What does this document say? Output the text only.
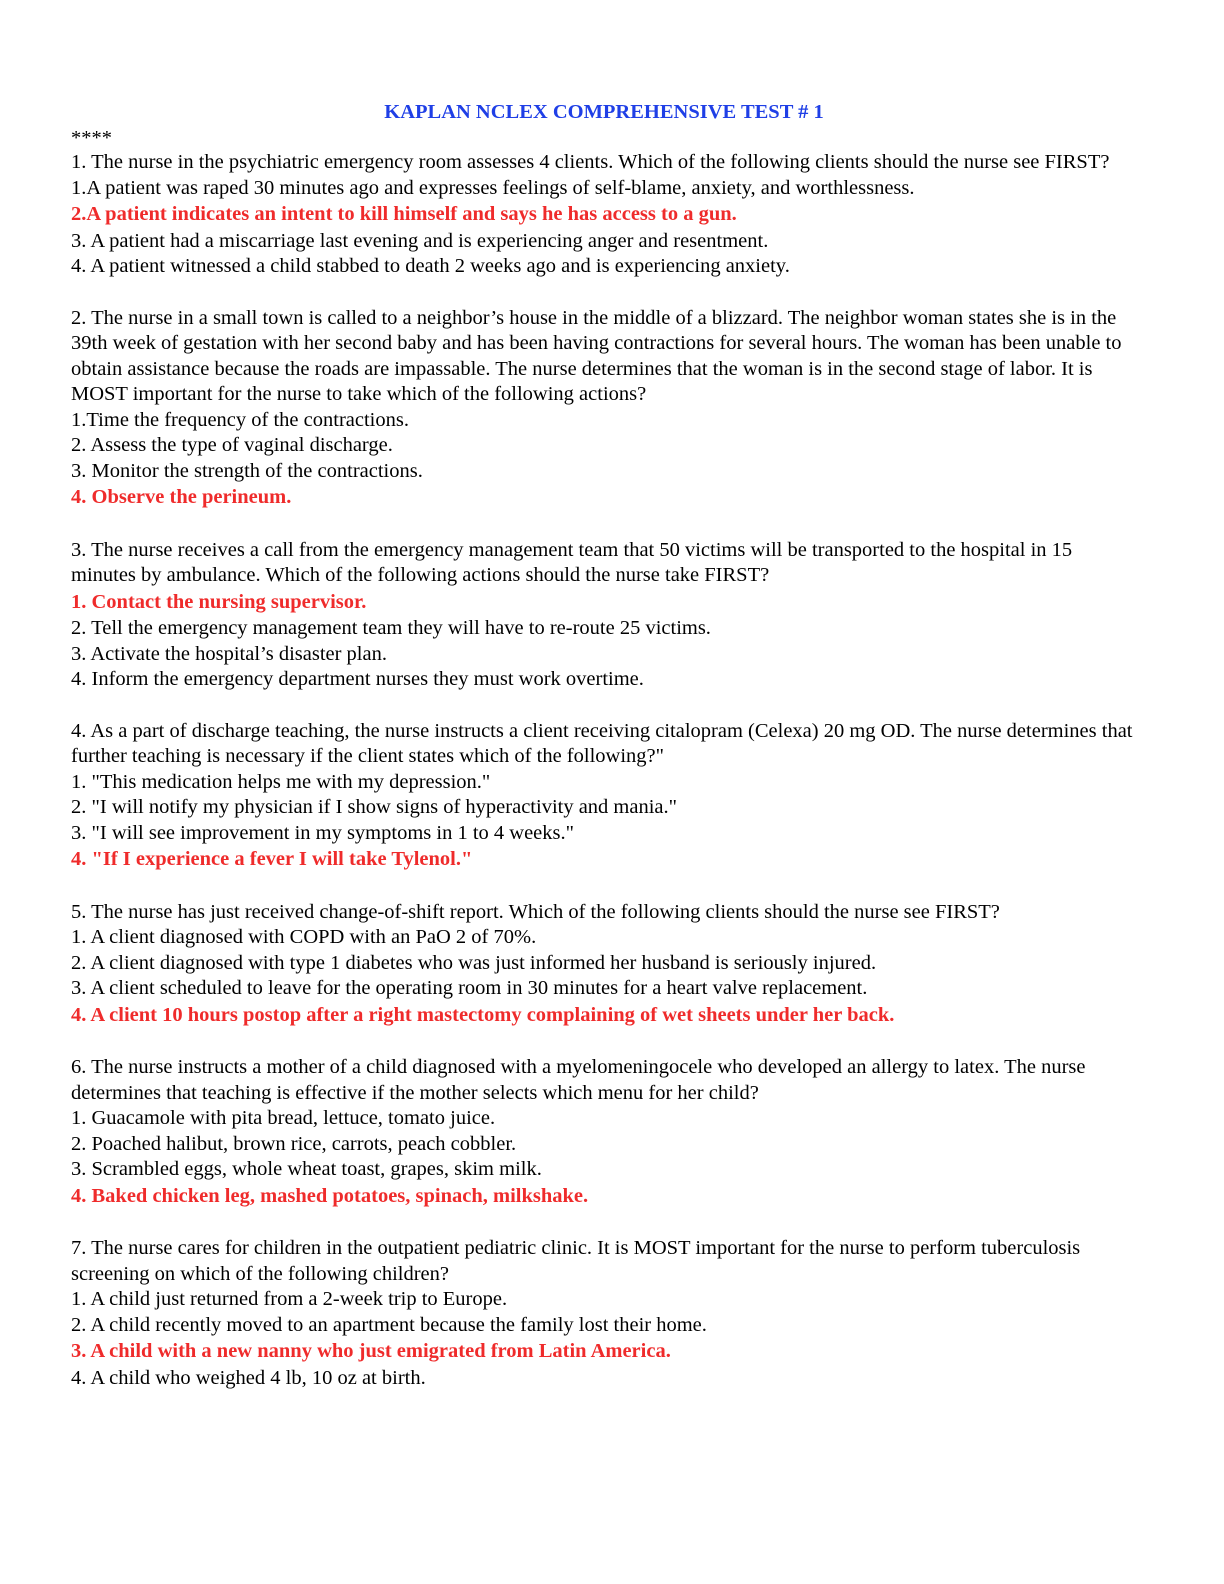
KAPLAN NCLEX COMPREHENSIVE TEST # 1
****
1. The nurse in the psychiatric emergency room assesses 4 clients. Which of the following clients should the nurse see FIRST?
1.A patient was raped 30 minutes ago and expresses feelings of self-blame, anxiety, and worthlessness.
2.A patient indicates an intent to kill himself and says he has access to a gun.
3. A patient had a miscarriage last evening and is experiencing anger and resentment.
4. A patient witnessed a child stabbed to death 2 weeks ago and is experiencing anxiety.
2. The nurse in a small town is called to a neighbor’s house in the middle of a blizzard. The neighbor woman states she is in the 39th week of gestation with her second baby and has been having contractions for several hours. The woman has been unable to obtain assistance because the roads are impassable. The nurse determines that the woman is in the second stage of labor. It is MOST important for the nurse to take which of the following actions?
1.Time the frequency of the contractions.
2. Assess the type of vaginal discharge.
3. Monitor the strength of the contractions.
4. Observe the perineum.
3. The nurse receives a call from the emergency management team that 50 victims will be transported to the hospital in 15 minutes by ambulance. Which of the following actions should the nurse take FIRST?
1. Contact the nursing supervisor.
2. Tell the emergency management team they will have to re-route 25 victims.
3. Activate the hospital’s disaster plan.
4. Inform the emergency department nurses they must work overtime.
4. As a part of discharge teaching, the nurse instructs a client receiving citalopram (Celexa) 20 mg OD. The nurse determines that further teaching is necessary if the client states which of the following?"
1. "This medication helps me with my depression."
2. "I will notify my physician if I show signs of hyperactivity and mania."
3. "I will see improvement in my symptoms in 1 to 4 weeks."
4. "If I experience a fever I will take Tylenol."
5. The nurse has just received change-of-shift report. Which of the following clients should the nurse see FIRST?
1. A client diagnosed with COPD with an PaO 2 of 70%.
2. A client diagnosed with type 1 diabetes who was just informed her husband is seriously injured.
3. A client scheduled to leave for the operating room in 30 minutes for a heart valve replacement.
4. A client 10 hours postop after a right mastectomy complaining of wet sheets under her back.
6. The nurse instructs a mother of a child diagnosed with a myelomeningocele who developed an allergy to latex. The nurse determines that teaching is effective if the mother selects which menu for her child?
1. Guacamole with pita bread, lettuce, tomato juice.
2. Poached halibut, brown rice, carrots, peach cobbler.
3. Scrambled eggs, whole wheat toast, grapes, skim milk.
4. Baked chicken leg, mashed potatoes, spinach, milkshake.
7. The nurse cares for children in the outpatient pediatric clinic. It is MOST important for the nurse to perform tuberculosis screening on which of the following children?
1. A child just returned from a 2-week trip to Europe.
2. A child recently moved to an apartment because the family lost their home.
3. A child with a new nanny who just emigrated from Latin America.
4. A child who weighed 4 lb, 10 oz at birth.
